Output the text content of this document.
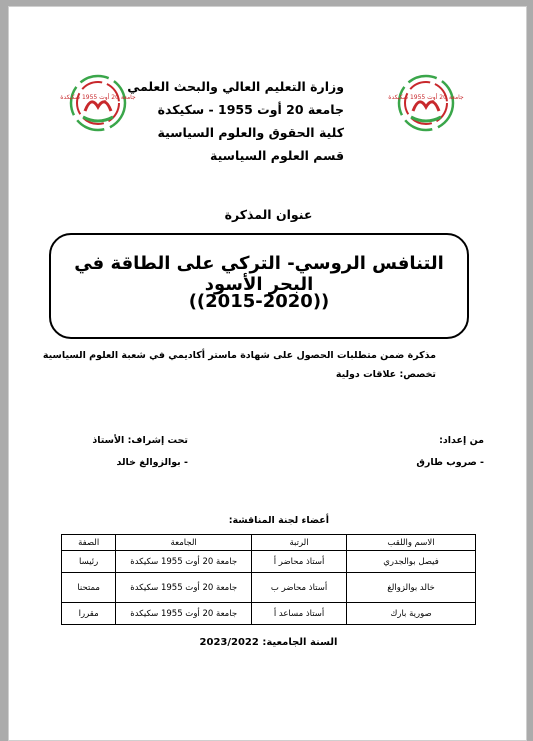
جامعة 20 أوت 1955 سكيكدة
جامعة 20 أوت 1955 سكيكدة
وزارة التعليم العالي والبحث العلمي
جامعة 20 أوت 1955 - سكيكدة
كلية الحقوق والعلوم السياسية
قسم العلوم السياسية
عنوان المذكرة
التنافس الروسي- التركي على الطاقة في البحر الأسود
((2015-2020))
مذكرة ضمن متطلبات الحصول على شهادة ماستر أكاديمي في شعبة العلوم السياسية
تخصص: علاقات دولية
من إعداد:
- صروب طارق
تحت إشراف: الأستاذ
- بوالزوالغ خالد
أعضاء لجنة المناقشة:
الاسم واللقب	الرتبة	الجامعة	الصفة
فيصل بوالجدري	أستاذ محاضر أ	جامعة 20 أوت 1955 سكيكدة	رئيسا
خالد بوالزوالغ	أستاذ محاضر ب	جامعة 20 أوت 1955 سكيكدة	ممتحنا
صورية بارك	أستاذ مساعد أ	جامعة 20 أوت 1955 سكيكدة	مقررا
السنة الجامعية: 2023/2022
